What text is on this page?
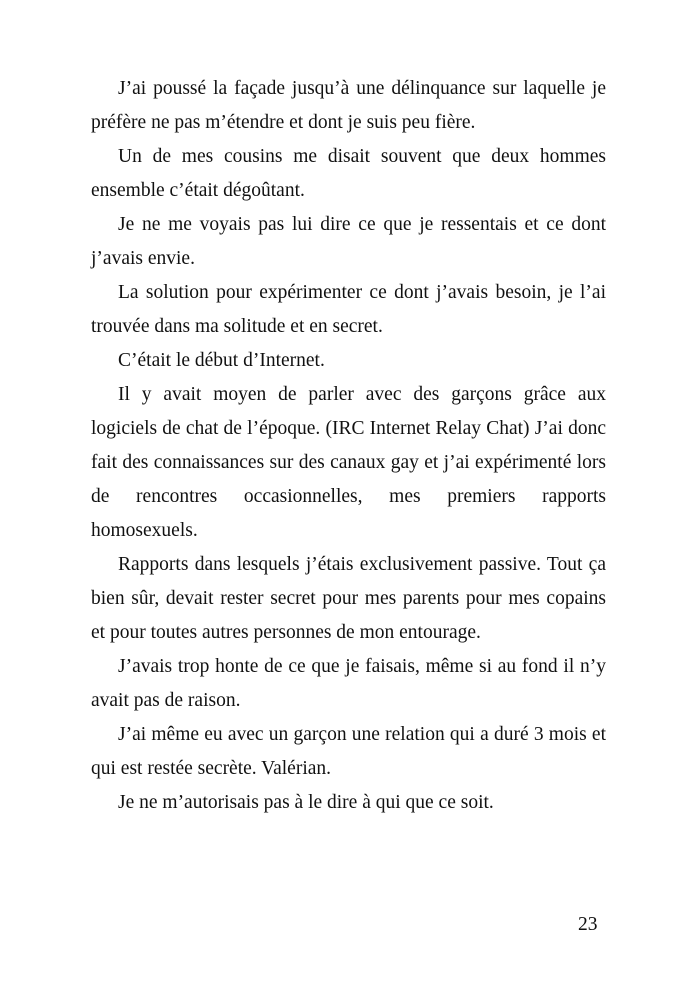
J’ai poussé la façade jusqu’à une délinquance sur laquelle je préfère ne pas m’étendre et dont je suis peu fière.

Un de mes cousins me disait souvent que deux hommes ensemble c’était dégoûtant.

Je ne me voyais pas lui dire ce que je ressentais et ce dont j’avais envie.

La solution pour expérimenter ce dont j’avais besoin, je l’ai trouvée dans ma solitude et en secret.

C’était le début d’Internet.

Il y avait moyen de parler avec des garçons grâce aux logiciels de chat de l’époque. (IRC Internet Relay Chat) J’ai donc fait des connaissances sur des canaux gay et j’ai expérimenté lors de rencontres occasionnelles, mes premiers rapports homosexuels.

Rapports dans lesquels j’étais exclusivement passive. Tout ça bien sûr, devait rester secret pour mes parents pour mes copains et pour toutes autres personnes de mon entourage.

J’avais trop honte de ce que je faisais, même si au fond il n’y avait pas de raison.

J’ai même eu avec un garçon une relation qui a duré 3 mois et qui est restée secrète. Valérian.

Je ne m’autorisais pas à le dire à qui que ce soit.

23
